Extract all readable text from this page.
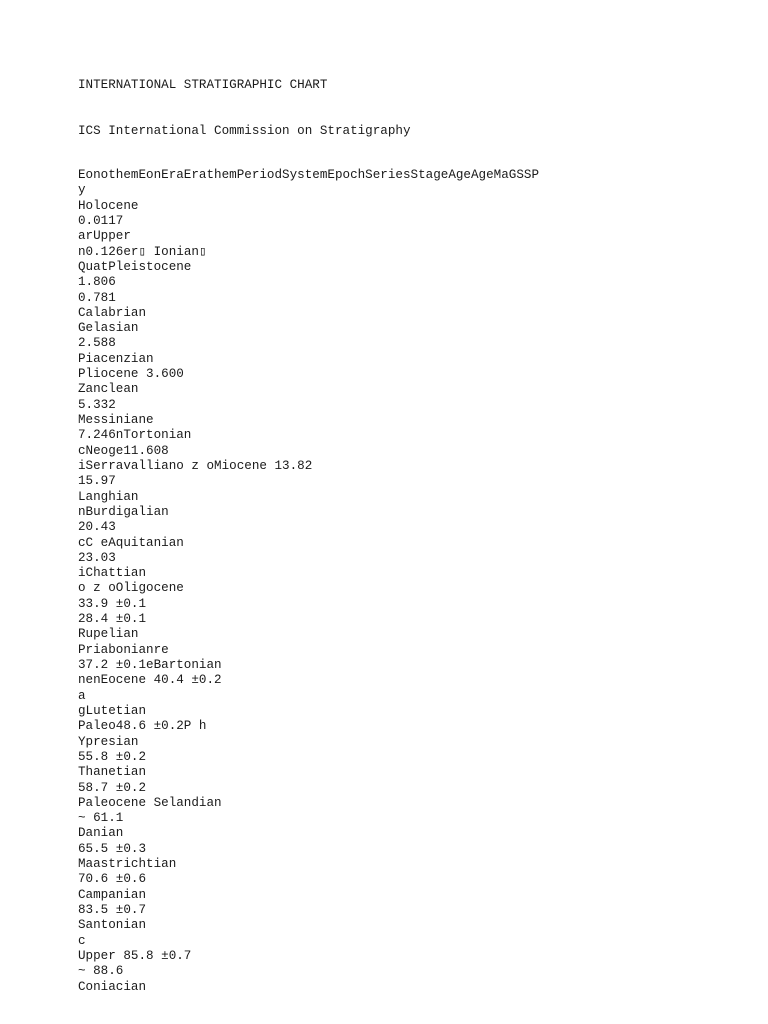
INTERNATIONAL STRATIGRAPHIC CHART
ICS International Commission on Stratigraphy
EonothemEonEraErathemPeriodSystemEpochSeriesStageAgeAgeMaGSSP
y
Holocene
0.0117
arUpper
n0.126er▯ Ionian▯
QuatPleistocene
1.806
0.781
Calabrian
Gelasian
2.588
Piacenzian
Pliocene 3.600
Zanclean
5.332
Messiniane
7.246nTortonian
cNeoge11.608
iSerravalliano z oMiocene 13.82
15.97
Langhian
nBurdigalian
20.43
cC eAquitanian
23.03
iChattian
o z oOligocene
33.9 ±0.1
28.4 ±0.1
Rupelian
Priabonianre
37.2 ±0.1eBartonian
nenEocene 40.4 ±0.2
a
gLutetian
Paleo48.6 ±0.2P h
Ypresian
55.8 ±0.2
Thanetian
58.7 ±0.2
Paleocene Selandian
~ 61.1
Danian
65.5 ±0.3
Maastrichtian
70.6 ±0.6
Campanian
83.5 ±0.7
Santonian
c
Upper 85.8 ±0.7
~ 88.6
Coniacian
